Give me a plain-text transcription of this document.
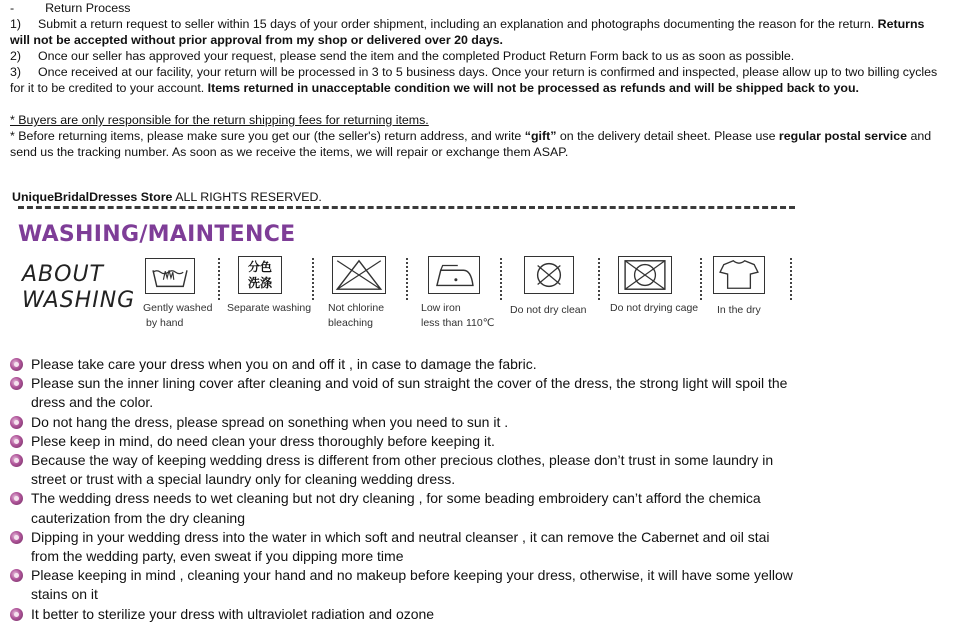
-         Return Process

1) Submit a return request to seller within 15 days of your order shipment, including an explanation and photographs documenting the reason for the return. Returns will not be accepted without prior approval from my shop or delivered over 20 days.

2) Once our seller has approved your request, please send the item and the completed Product Return Form back to us as soon as possible.

3) Once received at our facility, your return will be processed in 3 to 5 business days. Once your return is confirmed and inspected, please allow up to two billing cycles for it to be credited to your account. Items returned in unacceptable condition we will not be processed as refunds and will be shipped back to you.

* Buyers are only responsible for the return shipping fees for returning items.

* Before returning items, please make sure you get our (the seller's) return address, and write “gift” on the delivery detail sheet. Please use regular postal service and send us the tracking number. As soon as we receive the items, we will repair or exchange them ASAP.

UniqueBridalDresses Store ALL RIGHTS RESERVED.
WASHING/MAINTENCE
ABOUT
WASHING Gently washed
by hand
分色
洗涤
Separate washing Not chlorine
bleaching
Low iron
less than 110℃
Do not dry clean Do not drying cage In the dry
Please take care your dress when you on and off it , in case to damage the fabric.
Please sun the inner lining cover after cleaning and void of sun straight the cover of the dress, the strong light will spoil the dress and the color.
Do not hang the dress, please spread on sonething when you need to sun it .
Plese keep in mind, do need clean your dress thoroughly before keeping it.
Because the way of keeping wedding dress is different from other precious clothes, please don’t trust in some laundry in street or trust with a special laundry only for cleaning wedding dress.
The wedding dress needs to wet cleaning but not dry cleaning , for some beading embroidery can’t afford the chemica cauterization from the dry cleaning
Dipping in your wedding dress into the water in which soft and neutral cleanser , it can remove the Cabernet and oil stai from the wedding party, even sweat if you dipping more time
Please keeping in mind , cleaning your hand and no makeup before keeping your dress, otherwise, it will have some yellow stains on it
It better to sterilize your dress with ultraviolet radiation and ozone
